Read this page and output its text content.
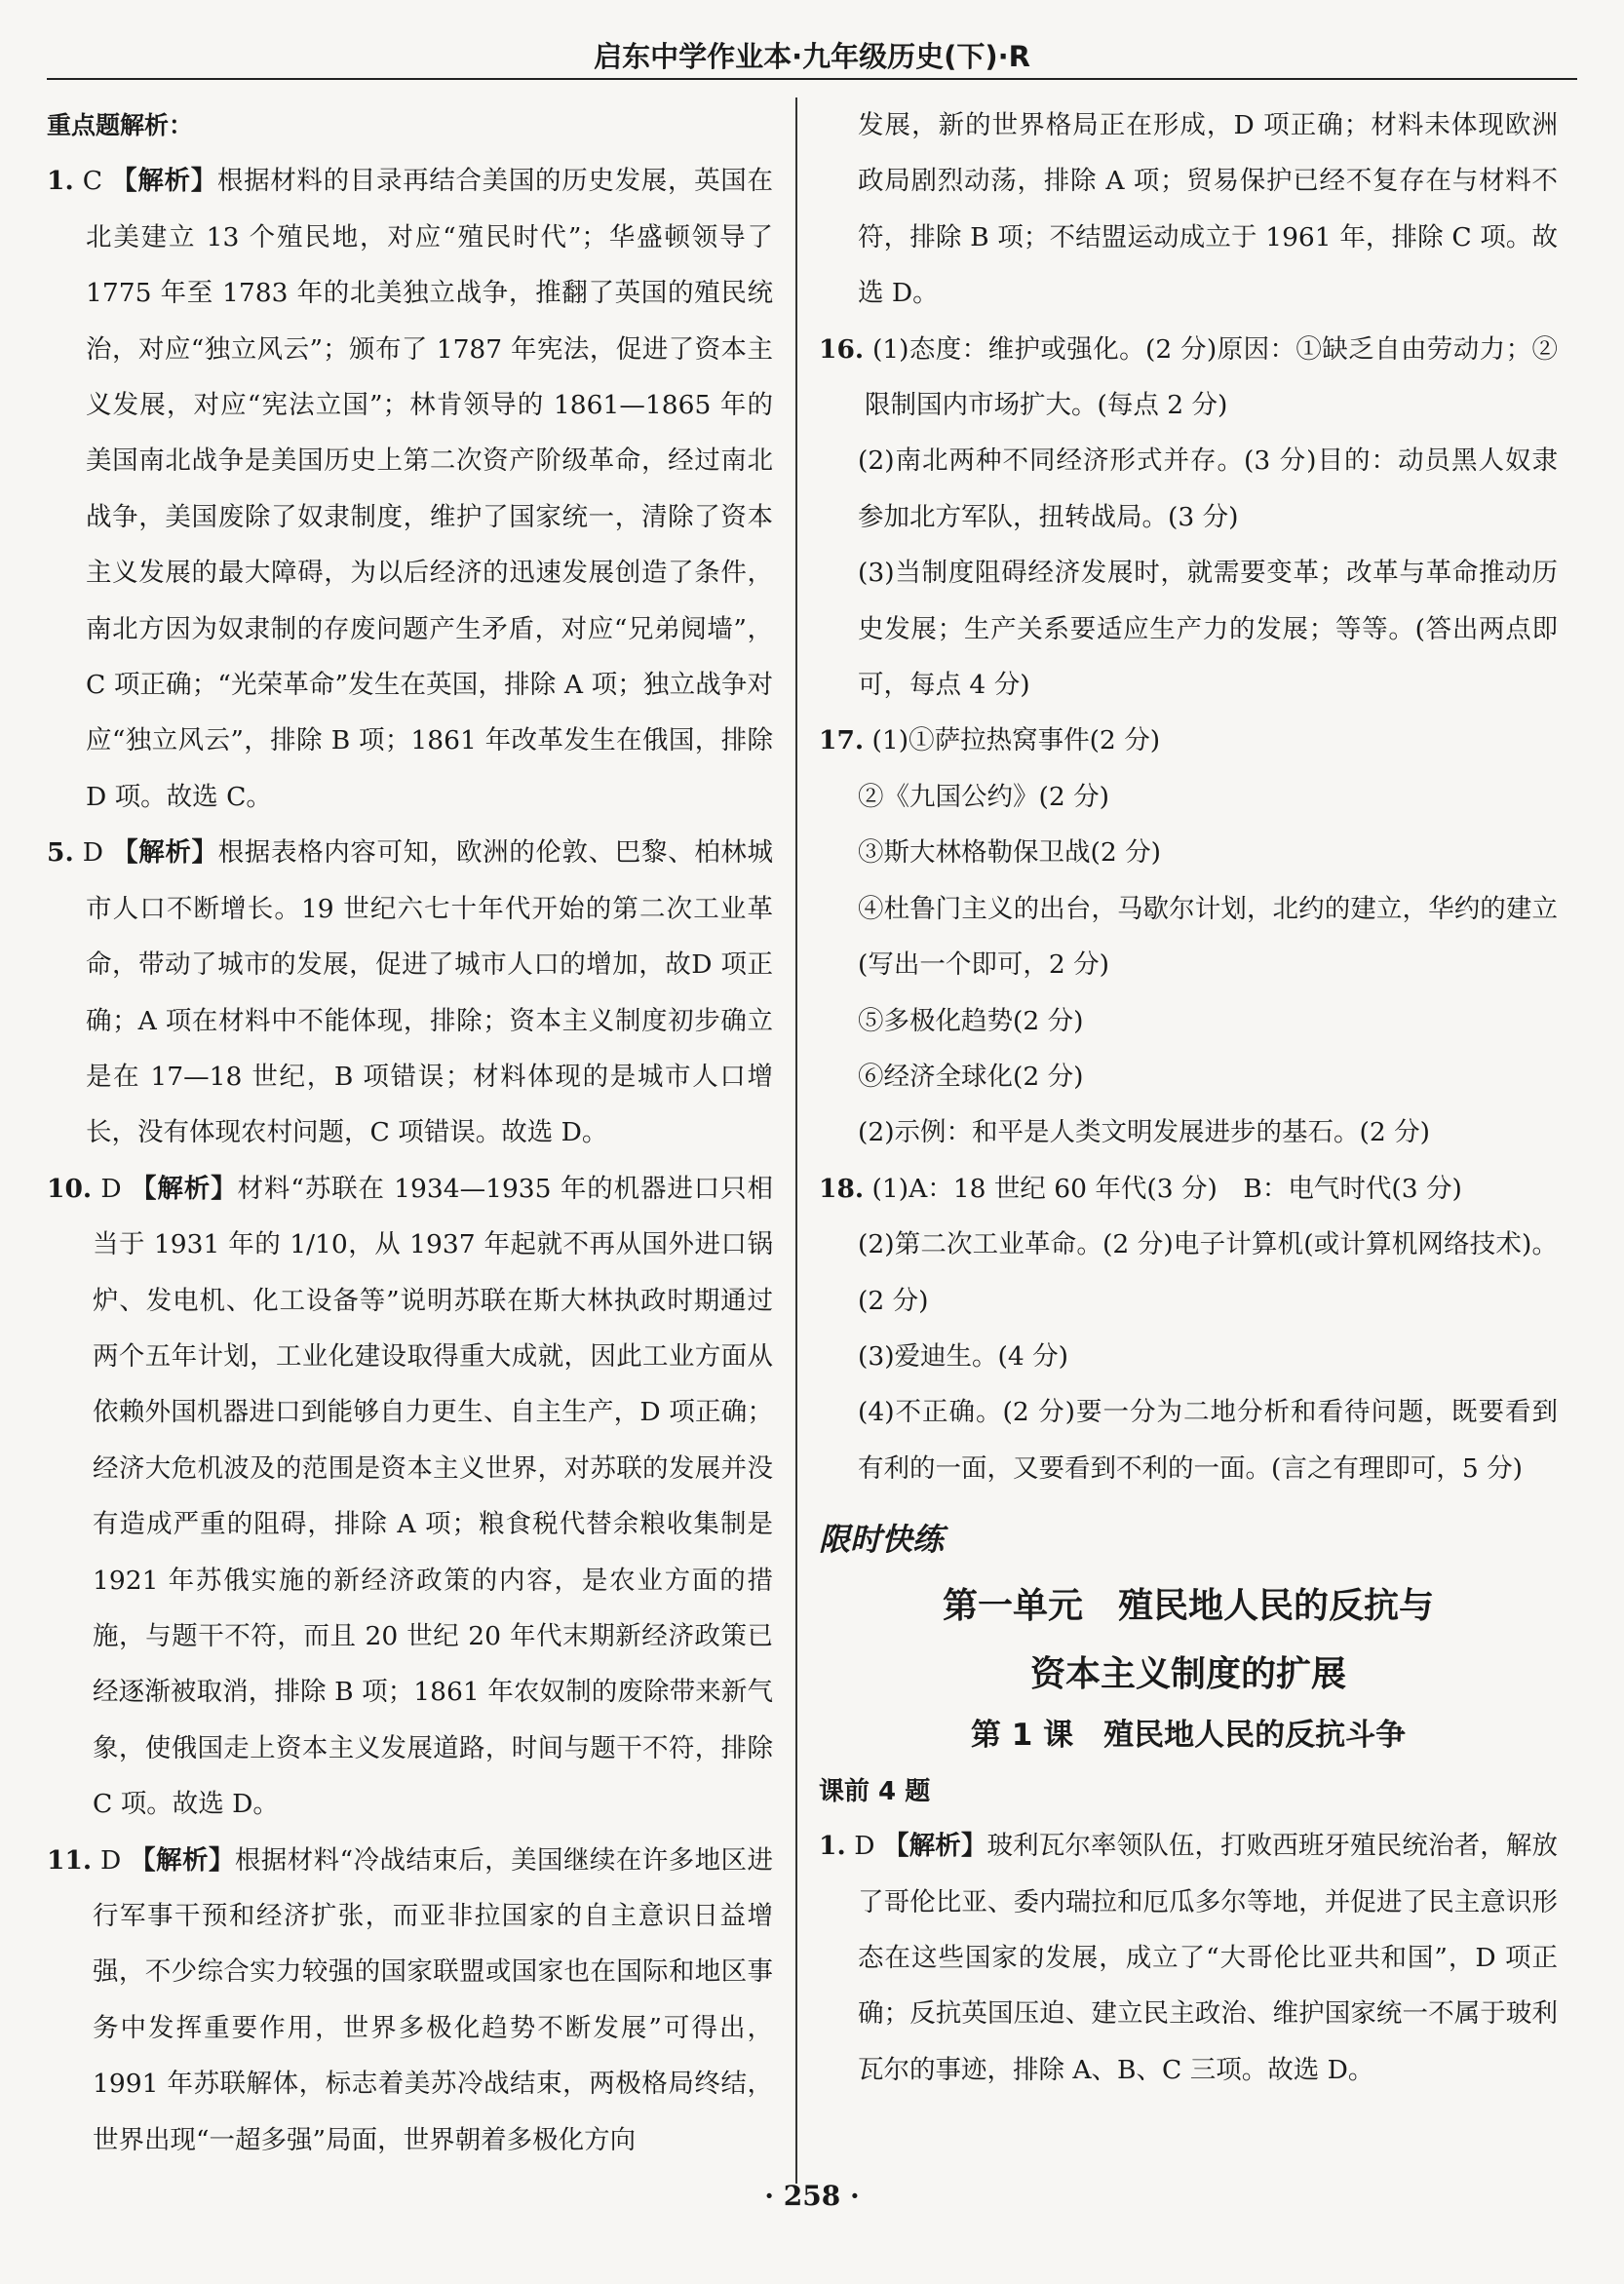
启东中学作业本·九年级历史(下)·R
重点题解析：
1. C 【解析】根据材料的目录再结合美国的历史发展，英国在北美建立 13 个殖民地，对应“殖民时代”；华盛顿领导了 1775 年至 1783 年的北美独立战争，推翻了英国的殖民统治，对应“独立风云”；颁布了 1787 年宪法，促进了资本主义发展，对应“宪法立国”；林肯领导的 1861—1865 年的美国南北战争是美国历史上第二次资产阶级革命，经过南北战争，美国废除了奴隶制度，维护了国家统一，清除了资本主义发展的最大障碍，为以后经济的迅速发展创造了条件，南北方因为奴隶制的存废问题产生矛盾，对应“兄弟阋墙”，C 项正确；“光荣革命”发生在英国，排除 A 项；独立战争对应“独立风云”，排除 B 项；1861 年改革发生在俄国，排除 D 项。故选 C。
5. D 【解析】根据表格内容可知，欧洲的伦敦、巴黎、柏林城市人口不断增长。19 世纪六七十年代开始的第二次工业革命，带动了城市的发展，促进了城市人口的增加，故D 项正确；A 项在材料中不能体现，排除；资本主义制度初步确立是在 17—18 世纪，B 项错误；材料体现的是城市人口增长，没有体现农村问题，C 项错误。故选 D。
10. D 【解析】材料“苏联在 1934—1935 年的机器进口只相当于 1931 年的 1/10，从 1937 年起就不再从国外进口锅炉、发电机、化工设备等”说明苏联在斯大林执政时期通过两个五年计划，工业化建设取得重大成就，因此工业方面从依赖外国机器进口到能够自力更生、自主生产，D 项正确；经济大危机波及的范围是资本主义世界，对苏联的发展并没有造成严重的阻碍，排除 A 项；粮食税代替余粮收集制是 1921 年苏俄实施的新经济政策的内容，是农业方面的措施，与题干不符，而且 20 世纪 20 年代末期新经济政策已经逐渐被取消，排除 B 项；1861 年农奴制的废除带来新气象，使俄国走上资本主义发展道路，时间与题干不符，排除 C 项。故选 D。
11. D 【解析】根据材料“冷战结束后，美国继续在许多地区进行军事干预和经济扩张，而亚非拉国家的自主意识日益增强，不少综合实力较强的国家联盟或国家也在国际和地区事务中发挥重要作用，世界多极化趋势不断发展”可得出，1991 年苏联解体，标志着美苏冷战结束，两极格局终结，世界出现“一超多强”局面，世界朝着多极化方向
发展，新的世界格局正在形成，D 项正确；材料未体现欧洲政局剧烈动荡，排除 A 项；贸易保护已经不复存在与材料不符，排除 B 项；不结盟运动成立于 1961 年，排除 C 项。故选 D。
16. (1)态度：维护或强化。(2 分)原因：①缺乏自由劳动力；②限制国内市场扩大。(每点 2 分)
(2)南北两种不同经济形式并存。(3 分)目的：动员黑人奴隶参加北方军队，扭转战局。(3 分)
(3)当制度阻碍经济发展时，就需要变革；改革与革命推动历史发展；生产关系要适应生产力的发展；等等。(答出两点即可，每点 4 分)
17. (1)①萨拉热窝事件(2 分)
②《九国公约》(2 分)
③斯大林格勒保卫战(2 分)
④杜鲁门主义的出台，马歇尔计划，北约的建立，华约的建立(写出一个即可，2 分)
⑤多极化趋势(2 分)
⑥经济全球化(2 分)
(2)示例：和平是人类文明发展进步的基石。(2 分)
18. (1)A：18 世纪 60 年代(3 分)　B：电气时代(3 分)
(2)第二次工业革命。(2 分)电子计算机(或计算机网络技术)。(2 分)
(3)爱迪生。(4 分)
(4)不正确。(2 分)要一分为二地分析和看待问题，既要看到有利的一面，又要看到不利的一面。(言之有理即可，5 分)
限时快练
第一单元　殖民地人民的反抗与
资本主义制度的扩展
第 1 课　殖民地人民的反抗斗争
课前 4 题
1. D 【解析】玻利瓦尔率领队伍，打败西班牙殖民统治者，解放了哥伦比亚、委内瑞拉和厄瓜多尔等地，并促进了民主意识形态在这些国家的发展，成立了“大哥伦比亚共和国”，D 项正确；反抗英国压迫、建立民主政治、维护国家统一不属于玻利瓦尔的事迹，排除 A、B、C 三项。故选 D。
· 258 ·
